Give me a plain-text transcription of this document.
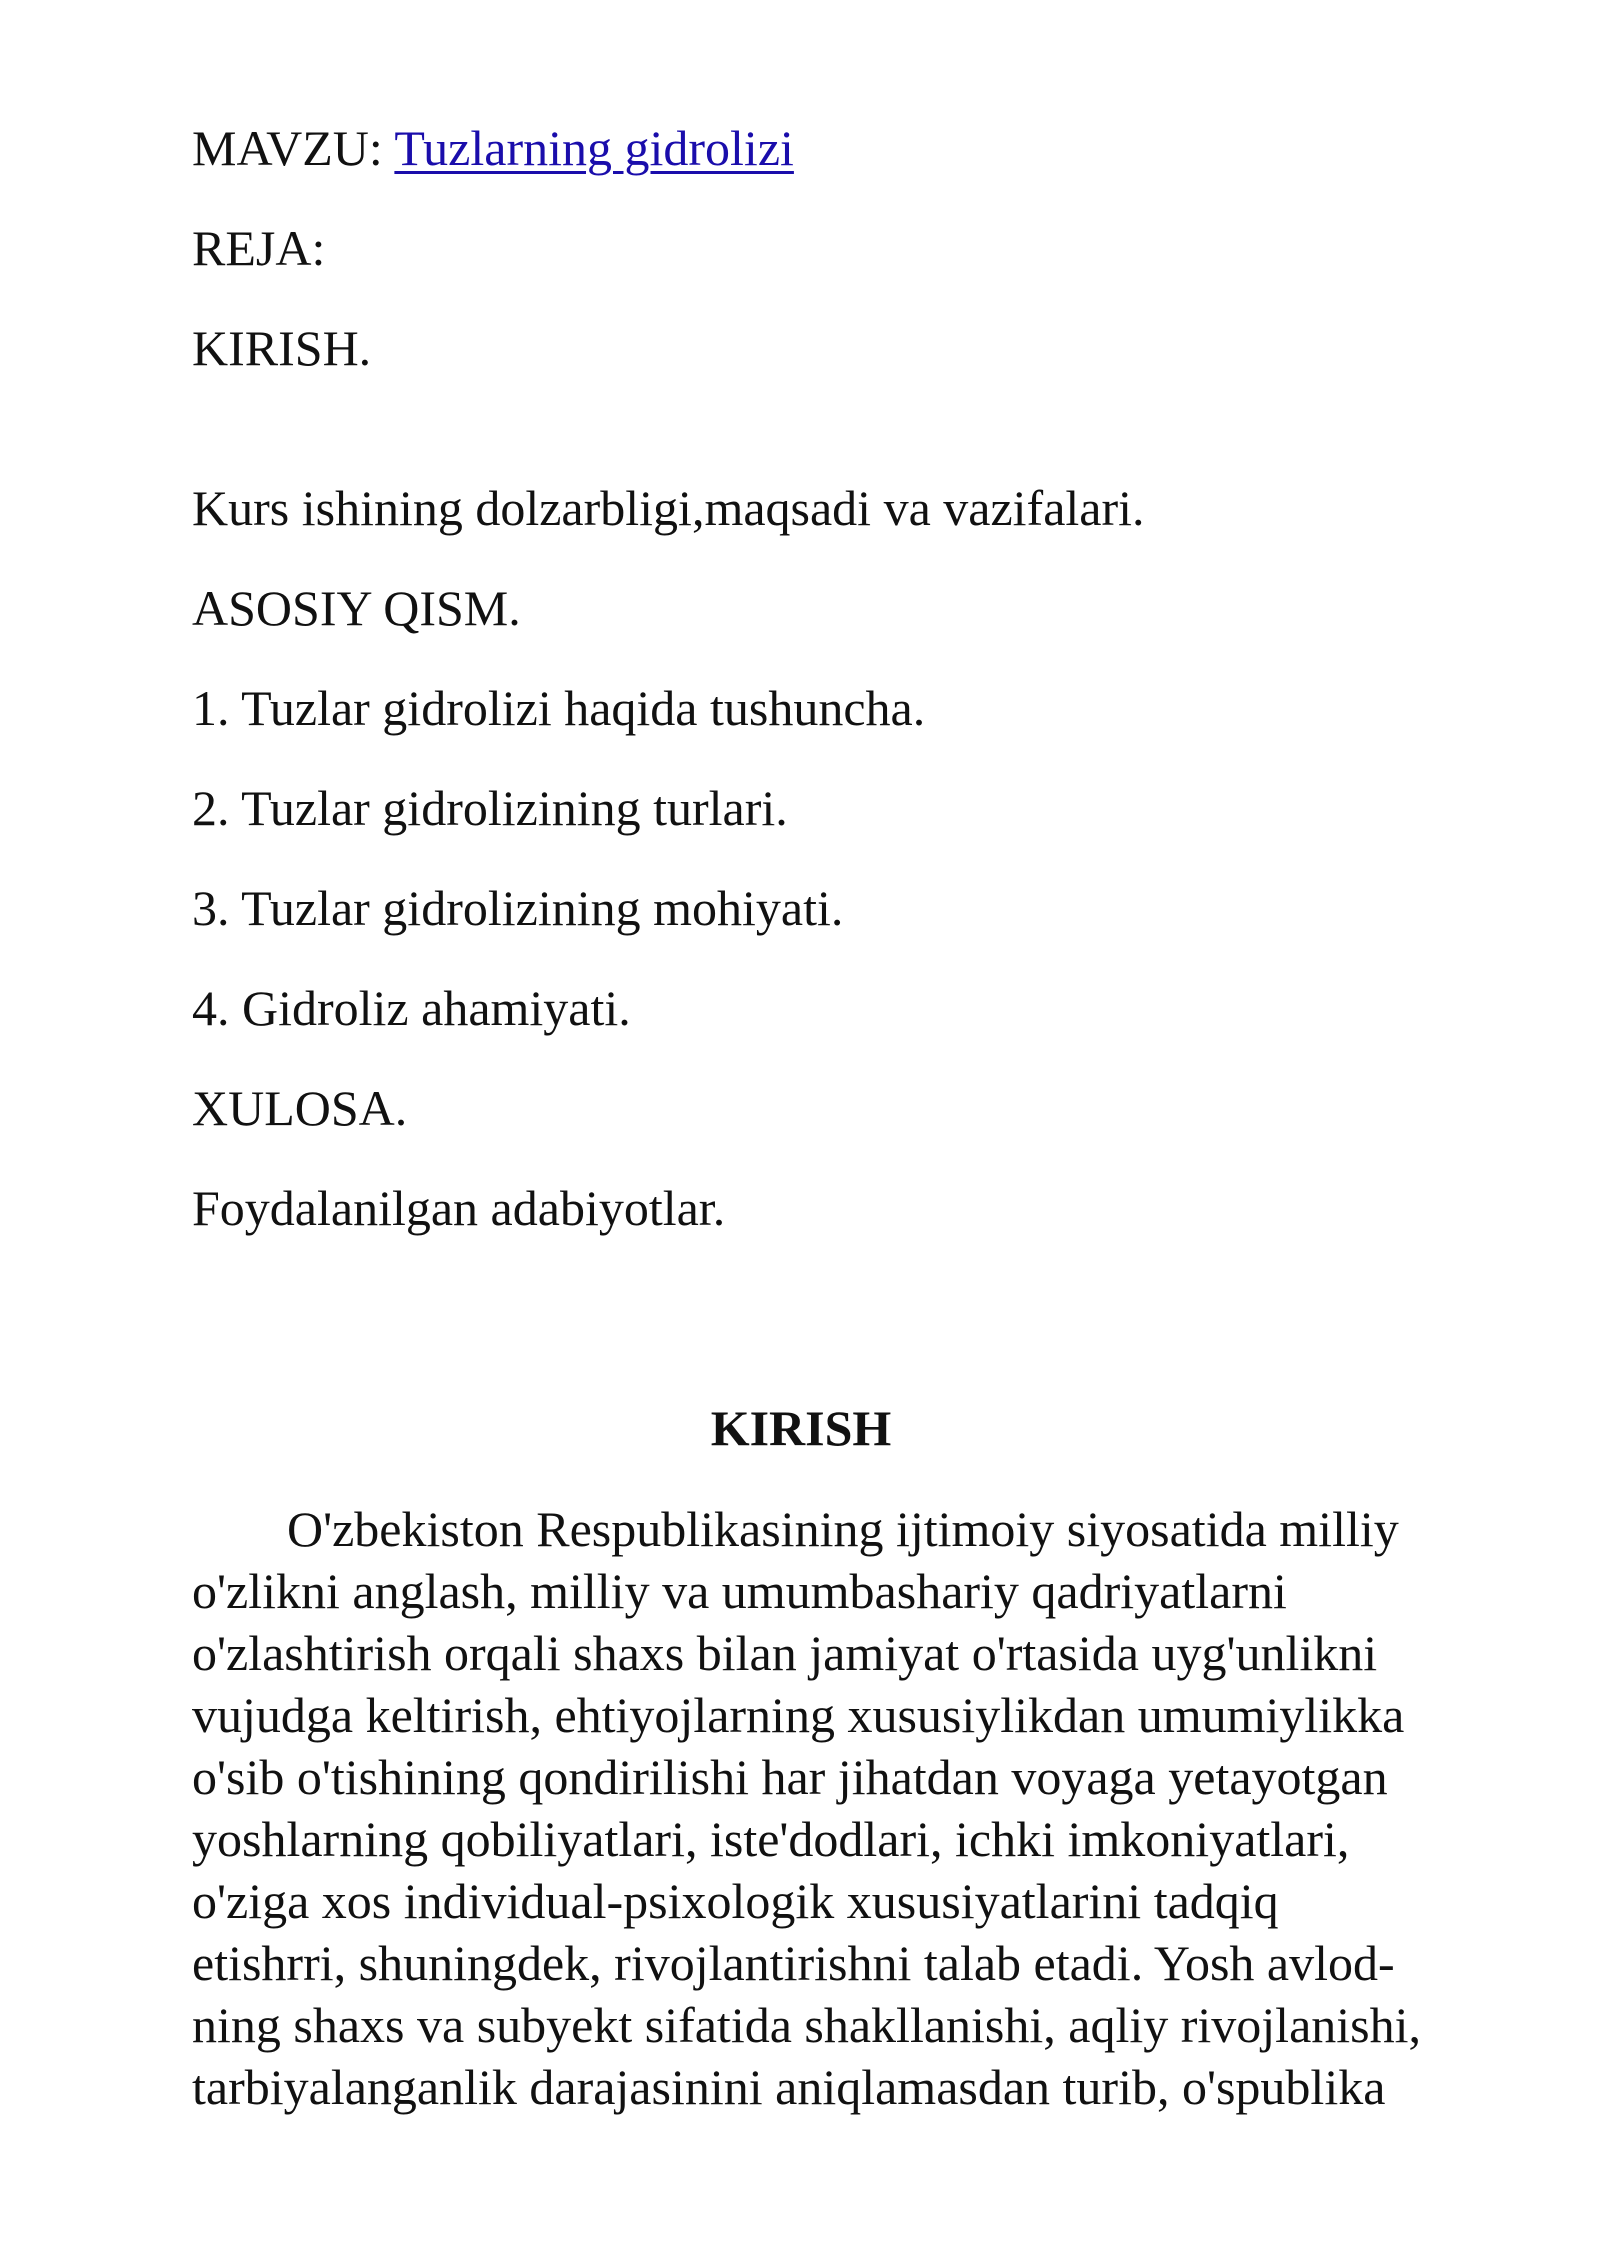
MAVZU: Tuzlarning gidrolizi
REJA:
KIRISH.
Kurs ishining dolzarbligi,maqsadi va vazifalari.
ASOSIY QISM.
1. Tuzlar gidrolizi haqida tushuncha.
2. Tuzlar gidrolizining turlari.
3. Tuzlar gidrolizining mohiyati.
4. Gidroliz ahamiyati.
XULOSA.
Foydalanilgan adabiyotlar.
KIRISH
O'zbekiston Respublikasining ijtimoiy siyosatida milliy
o'zlikni anglash, milliy va umumbashariy qadriyatlarni
o'zlashtirish orqali shaxs bilan jamiyat o'rtasida uyg'unlikni
vujudga keltirish, ehtiyojlarning xususiylikdan umumiylikka
o'sib o'tishining qondirilishi har jihatdan voyaga yetayotgan
yoshlarning qobiliyatlari, iste'dodlari, ichki imkoniyatlari,
o'ziga xos individual-psixologik xususiyatlarini tadqiq
etishrri, shuningdek, rivojlantirishni talab etadi. Yosh avlod-
ning shaxs va subyekt sifatida shakllanishi, aqliy rivojlanishi,
tarbiyalanganlik darajasinini aniqlamasdan turib, o'spublika
